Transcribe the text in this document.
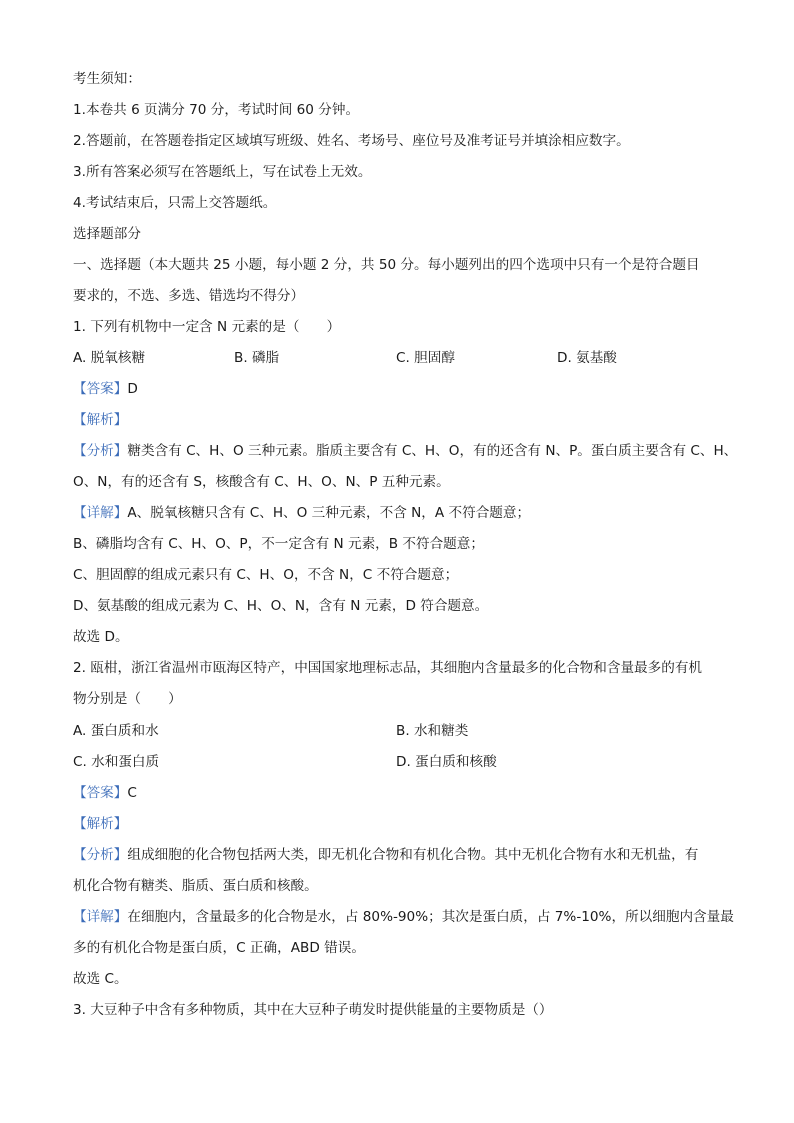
考生须知：
1.本卷共 6 页满分 70 分，考试时间 60 分钟。
2.答题前，在答题卷指定区域填写班级、姓名、考场号、座位号及准考证号并填涂相应数字。
3.所有答案必须写在答题纸上，写在试卷上无效。
4.考试结束后，只需上交答题纸。
选择题部分
一、选择题（本大题共 25 小题，每小题 2 分，共 50 分。每小题列出的四个选项中只有一个是符合题目
要求的，不选、多选、错选均不得分）
1. 下列有机物中一定含 N 元素的是（　　）
A. 脱氧核糖	B. 磷脂	C. 胆固醇	D. 氨基酸
【答案】D
【解析】
【分析】糖类含有 C、H、O 三种元素。脂质主要含有 C、H、O，有的还含有 N、P。蛋白质主要含有 C、H、
O、N，有的还含有 S，核酸含有 C、H、O、N、P 五种元素。
【详解】A、脱氧核糖只含有 C、H、O 三种元素，不含 N，A 不符合题意；
B、磷脂均含有 C、H、O、P，不一定含有 N 元素，B 不符合题意；
C、胆固醇的组成元素只有 C、H、O，不含 N，C 不符合题意；
D、氨基酸的组成元素为 C、H、O、N，含有 N 元素，D 符合题意。
故选 D。
2. 瓯柑，浙江省温州市瓯海区特产，中国国家地理标志品，其细胞内含量最多的化合物和含量最多的有机
物分别是（　　）
A. 蛋白质和水	B. 水和糖类
C. 水和蛋白质	D. 蛋白质和核酸
【答案】C
【解析】
【分析】组成细胞的化合物包括两大类，即无机化合物和有机化合物。其中无机化合物有水和无机盐，有
机化合物有糖类、脂质、蛋白质和核酸。
【详解】在细胞内，含量最多的化合物是水，占 80%-90%；其次是蛋白质，占 7%-10%，所以细胞内含量最
多的有机化合物是蛋白质，C 正确，ABD 错误。
故选 C。
3. 大豆种子中含有多种物质，其中在大豆种子萌发时提供能量的主要物质是（）
